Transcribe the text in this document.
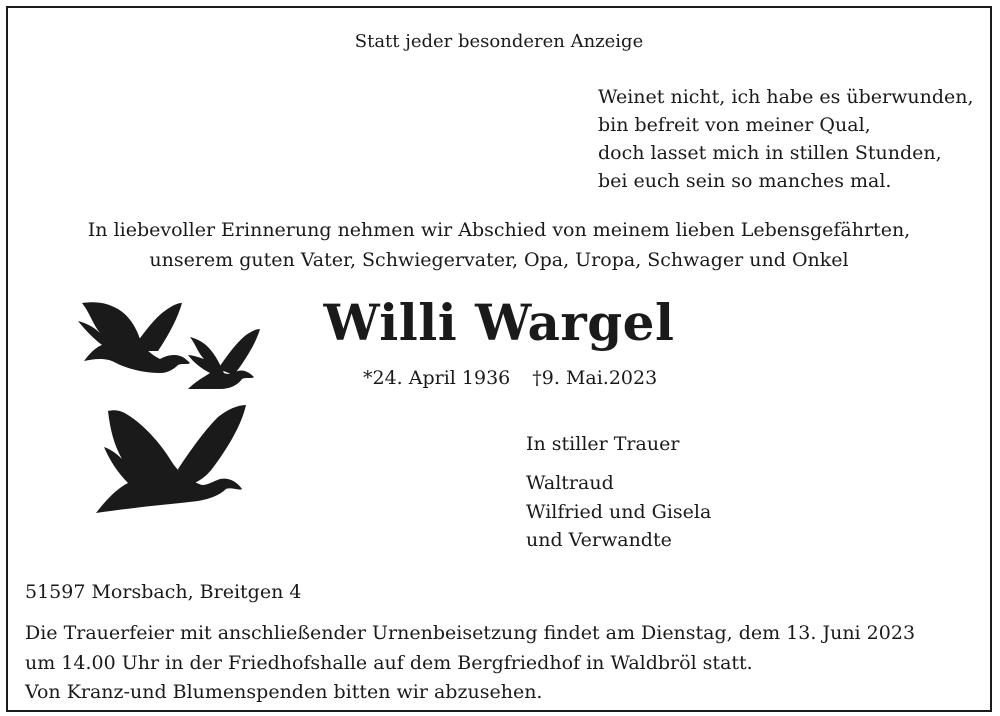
Statt jeder besonderen Anzeige
Weinet nicht, ich habe es überwunden,
bin befreit von meiner Qual,
doch lasset mich in stillen Stunden,
bei euch sein so manches mal.
In liebevoller Erinnerung nehmen wir Abschied von meinem lieben Lebensgefährten,
unserem guten Vater, Schwiegervater, Opa, Uropa, Schwager und Onkel
Willi Wargel
*24. April 1936 †9. Mai.2023
In stiller Trauer
Waltraud
Wilfried und Gisela
und Verwandte
51597 Morsbach, Breitgen 4
Die Trauerfeier mit anschließender Urnenbeisetzung findet am Dienstag, dem 13. Juni 2023
um 14.00 Uhr in der Friedhofshalle auf dem Bergfriedhof in Waldbröl statt.
Von Kranz-und Blumenspenden bitten wir abzusehen.
